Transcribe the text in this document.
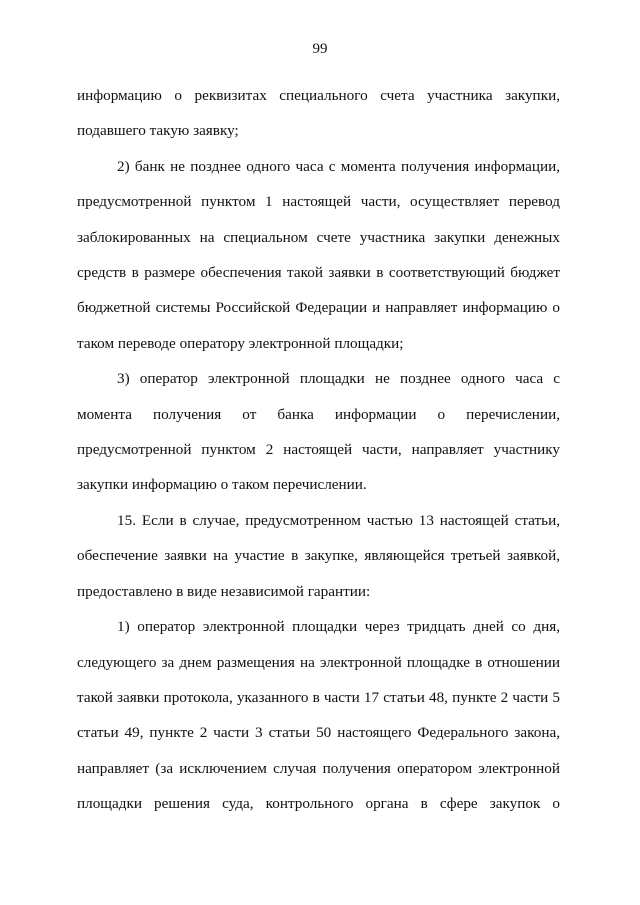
99

информацию о реквизитах специального счета участника закупки, подавшего такую заявку;

2) банк не позднее одного часа с момента получения информации, предусмотренной пунктом 1 настоящей части, осуществляет перевод заблокированных на специальном счете участника закупки денежных средств в размере обеспечения такой заявки в соответствующий бюджет бюджетной системы Российской Федерации и направляет информацию о таком переводе оператору электронной площадки;

3) оператор электронной площадки не позднее одного часа с момента получения от банка информации о перечислении, предусмотренной пунктом 2 настоящей части, направляет участнику закупки информацию о таком перечислении.

15. Если в случае, предусмотренном частью 13 настоящей статьи, обеспечение заявки на участие в закупке, являющейся третьей заявкой, предоставлено в виде независимой гарантии:

1) оператор электронной площадки через тридцать дней со дня, следующего за днем размещения на электронной площадке в отношении такой заявки протокола, указанного в части 17 статьи 48, пункте 2 части 5 статьи 49, пункте 2 части 3 статьи 50 настоящего Федерального закона, направляет (за исключением случая получения оператором электронной площадки решения суда, контрольного органа в сфере закупок о
